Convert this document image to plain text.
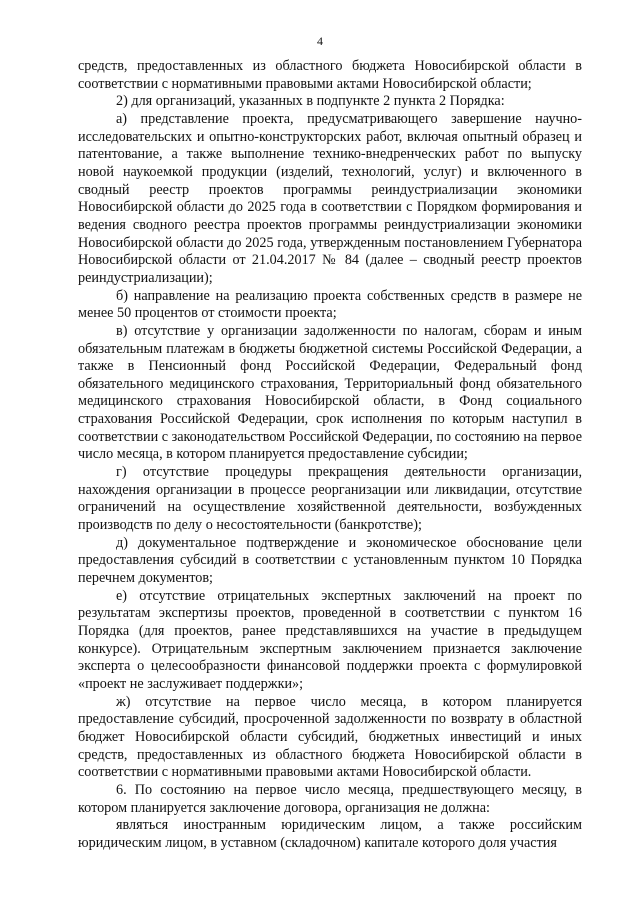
4

средств, предоставленных из областного бюджета Новосибирской области в соответствии с нормативными правовыми актами Новосибирской области;

2) для организаций, указанных в подпункте 2 пункта 2 Порядка:

а) представление проекта, предусматривающего завершение научно-исследовательских и опытно-конструкторских работ, включая опытный образец и патентование, а также выполнение технико-внедренческих работ по выпуску новой наукоемкой продукции (изделий, технологий, услуг) и включенного в сводный реестр проектов программы реиндустриализации экономики Новосибирской области до 2025 года в соответствии с Порядком формирования и ведения сводного реестра проектов программы реиндустриализации экономики Новосибирской области до 2025 года, утвержденным постановлением Губернатора Новосибирской области от 21.04.2017 № 84 (далее – сводный реестр проектов реиндустриализации);

б) направление на реализацию проекта собственных средств в размере не менее 50 процентов от стоимости проекта;

в) отсутствие у организации задолженности по налогам, сборам и иным обязательным платежам в бюджеты бюджетной системы Российской Федерации, а также в Пенсионный фонд Российской Федерации, Федеральный фонд обязательного медицинского страхования, Территориальный фонд обязательного медицинского страхования Новосибирской области, в Фонд социального страхования Российской Федерации, срок исполнения по которым наступил в соответствии с законодательством Российской Федерации, по состоянию на первое число месяца, в котором планируется предоставление субсидии;

г) отсутствие процедуры прекращения деятельности организации, нахождения организации в процессе реорганизации или ликвидации, отсутствие ограничений на осуществление хозяйственной деятельности, возбужденных производств по делу о несостоятельности (банкротстве);

д) документальное подтверждение и экономическое обоснование цели предоставления субсидий в соответствии с установленным пунктом 10 Порядка перечнем документов;

е) отсутствие отрицательных экспертных заключений на проект по результатам экспертизы проектов, проведенной в соответствии с пунктом 16 Порядка (для проектов, ранее представлявшихся на участие в предыдущем конкурсе). Отрицательным экспертным заключением признается заключение эксперта о целесообразности финансовой поддержки проекта с формулировкой «проект не заслуживает поддержки»;

ж) отсутствие на первое число месяца, в котором планируется предоставление субсидий, просроченной задолженности по возврату в областной бюджет Новосибирской области субсидий, бюджетных инвестиций и иных средств, предоставленных из областного бюджета Новосибирской области в соответствии с нормативными правовыми актами Новосибирской области.

6. По состоянию на первое число месяца, предшествующего месяцу, в котором планируется заключение договора, организация не должна:

являться иностранным юридическим лицом, а также российским юридическим лицом, в уставном (складочном) капитале которого доля участия
